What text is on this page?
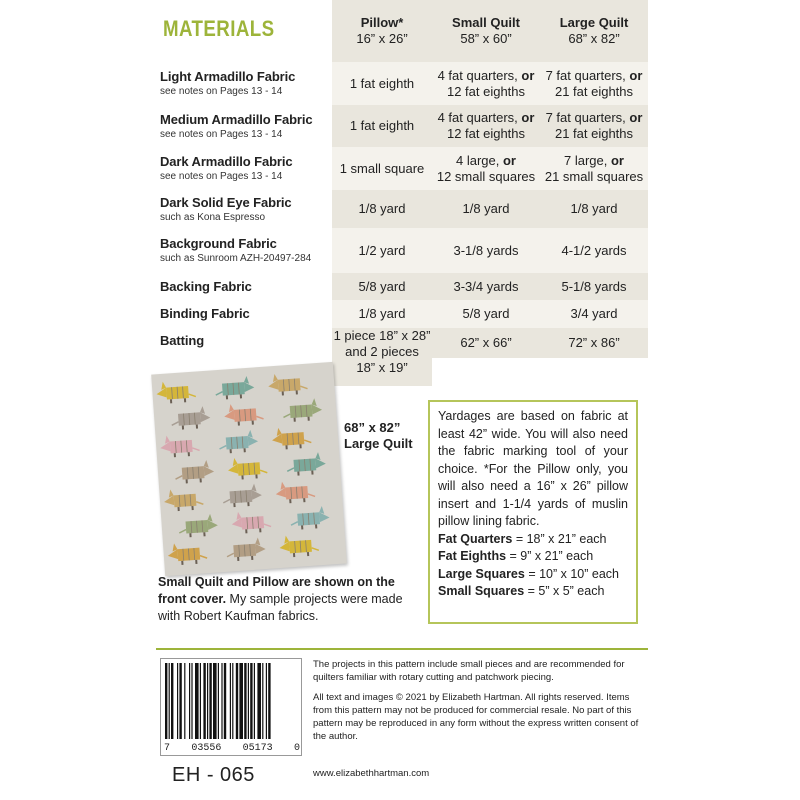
MATERIALS	Pillow*
16” x 26”
1 fat eighth
1 fat eighth
1 small square
1/8 yard
1/2 yard
5/8 yard
1/8 yard
1 piece 18” x 28”
and 2 pieces
18” x 19”
Small Quilt
58” x 60”
4 fat quarters, or
12 fat eighths
4 fat quarters, or
12 fat eighths
4 large, or
12 small squares
1/8 yard
3-1/8 yards
3-3/4 yards
5/8 yard
62” x 66”
Large Quilt
68” x 82”
7 fat quarters, or
21 fat eighths
7 fat quarters, or
21 fat eighths
7 large, or
21 small squares
1/8 yard
4-1/2 yards
5-1/8 yards
3/4 yard
72” x 86”
Light Armadillo Fabric
see notes on Pages 13 - 14
Medium Armadillo Fabric
see notes on Pages 13 - 14
Dark Armadillo Fabric
see notes on Pages 13 - 14
Dark Solid Eye Fabric
such as Kona Espresso
Background Fabric
such as Sunroom AZH-20497-284
Backing Fabric
Binding Fabric
Batting
68” x 82”
Large Quilt
Small Quilt and Pillow are shown on the front cover. My sample projects were made with Robert Kaufman fabrics.
Yardages are based on fabric at least 42” wide. You will also need the fabric marking tool of your choice. *For the Pillow only, you will also need a 16” x 26” pillow insert and 1-1/4 yards of muslin pillow lining fabric.
Fat Quarters = 18” x 21” each
Fat Eighths = 9” x 21” each
Large Squares = 10” x 10” each
Small Squares = 5” x 5” each
7 03556 05173 0
EH - 065

The projects in this pattern include small pieces and are recommended for quilters familiar with rotary cutting and patchwork piecing.

All text and images © 2021 by Elizabeth Hartman. All rights reserved. Items from this pattern may not be produced for commercial resale. No part of this pattern may be reproduced in any form without the express written consent of the author.

www.elizabethhartman.com
